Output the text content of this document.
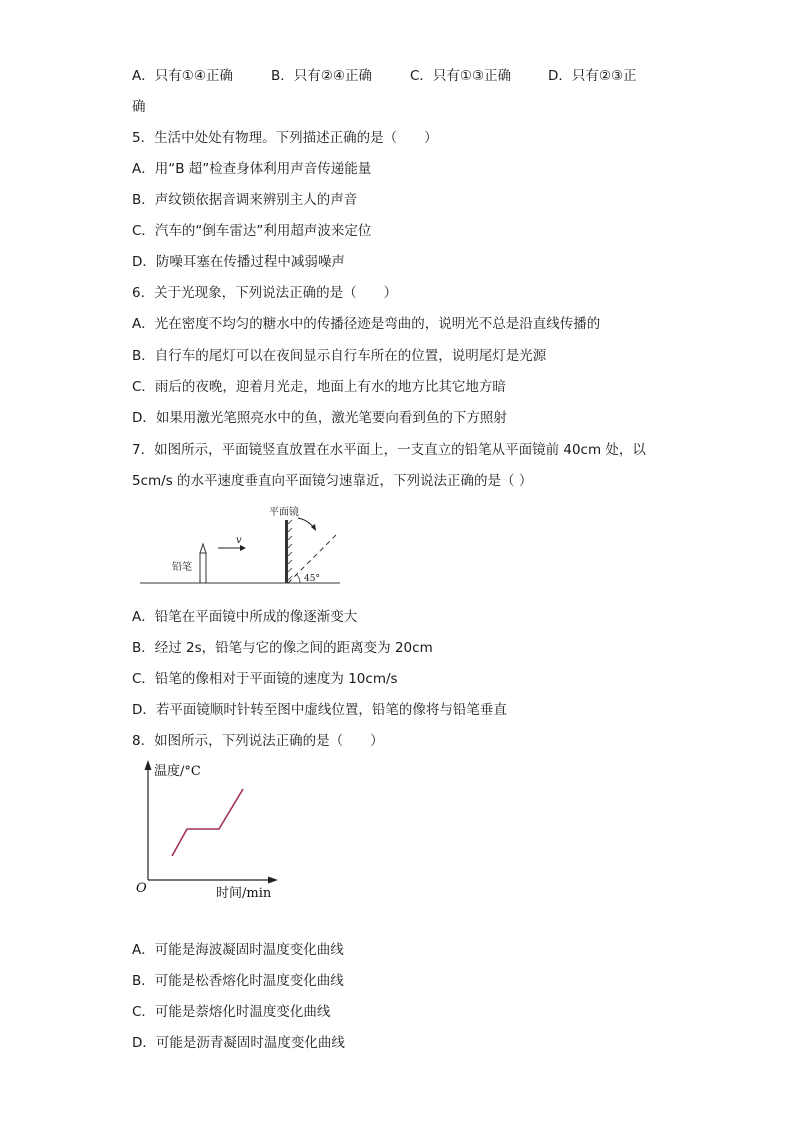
A．只有①④正确	B．只有②④正确	C．只有①③正确	D．只有②③正
确
5．生活中处处有物理。下列描述正确的是（　　）
A．用“B 超”检查身体利用声音传递能量
B．声纹锁依据音调来辨别主人的声音
C．汽车的“倒车雷达”利用超声波来定位
D．防噪耳塞在传播过程中减弱噪声
6．关于光现象，下列说法正确的是（　　）
A．光在密度不均匀的糖水中的传播径迹是弯曲的，说明光不总是沿直线传播的
B．自行车的尾灯可以在夜间显示自行车所在的位置，说明尾灯是光源
C．雨后的夜晚，迎着月光走，地面上有水的地方比其它地方暗
D．如果用激光笔照亮水中的鱼，激光笔要向看到鱼的下方照射
7．如图所示，平面镜竖直放置在水平面上，一支直立的铅笔从平面镜前 40cm 处，以
5cm/s 的水平速度垂直向平面镜匀速靠近，下列说法正确的是（ ）
铅笔
v
平面镜
45°
A．铅笔在平面镜中所成的像逐渐变大
B．经过 2s，铅笔与它的像之间的距离变为 20cm
C．铅笔的像相对于平面镜的速度为 10cm/s
D．若平面镜顺时针转至图中虚线位置，铅笔的像将与铅笔垂直
8．如图所示，下列说法正确的是（　　）
温度/°C
时间/min
O
A．可能是海波凝固时温度变化曲线
B．可能是松香熔化时温度变化曲线
C．可能是萘熔化时温度变化曲线
D．可能是沥青凝固时温度变化曲线
